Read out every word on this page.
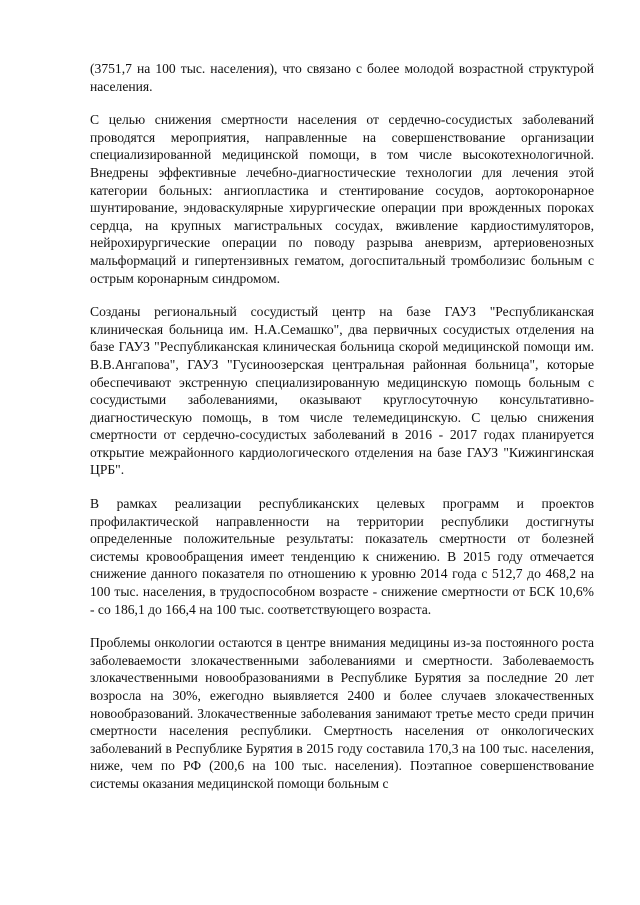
(3751,7 на 100 тыс. населения), что связано с более молодой возрастной структурой населения.

С целью снижения смертности населения от сердечно-сосудистых заболеваний проводятся мероприятия, направленные на совершенствование организации специализированной медицинской помощи, в том числе высокотехнологичной. Внедрены эффективные лечебно-диагностические технологии для лечения этой категории больных: ангиопластика и стентирование сосудов, аортокоронарное шунтирование, эндоваскулярные хирургические операции при врожденных пороках сердца, на крупных магистральных сосудах, вживление кардиостимуляторов, нейрохирургические операции по поводу разрыва аневризм, артериовенозных мальформаций и гипертензивных гематом, догоспитальный тромболизис больным с острым коронарным синдромом.

Созданы региональный сосудистый центр на базе ГАУЗ "Республиканская клиническая больница им. Н.А.Семашко", два первичных сосудистых отделения на базе ГАУЗ "Республиканская клиническая больница скорой медицинской помощи им. В.В.Ангапова", ГАУЗ "Гусиноозерская центральная районная больница", которые обеспечивают экстренную специализированную медицинскую помощь больным с сосудистыми заболеваниями, оказывают круглосуточную консультативно-диагностическую помощь, в том числе телемедицинскую. С целью снижения смертности от сердечно-сосудистых заболеваний в 2016 - 2017 годах планируется открытие межрайонного кардиологического отделения на базе ГАУЗ "Кижингинская ЦРБ".

В рамках реализации республиканских целевых программ и проектов профилактической направленности на территории республики достигнуты определенные положительные результаты: показатель смертности от болезней системы кровообращения имеет тенденцию к снижению. В 2015 году отмечается снижение данного показателя по отношению к уровню 2014 года с 512,7 до 468,2 на 100 тыс. населения, в трудоспособном возрасте - снижение смертности от БСК 10,6% - со 186,1 до 166,4 на 100 тыс. соответствующего возраста.

Проблемы онкологии остаются в центре внимания медицины из-за постоянного роста заболеваемости злокачественными заболеваниями и смертности. Заболеваемость злокачественными новообразованиями в Республике Бурятия за последние 20 лет возросла на 30%, ежегодно выявляется 2400 и более случаев злокачественных новообразований. Злокачественные заболевания занимают третье место среди причин смертности населения республики. Смертность населения от онкологических заболеваний в Республике Бурятия в 2015 году составила 170,3 на 100 тыс. населения, ниже, чем по РФ (200,6 на 100 тыс. населения). Поэтапное совершенствование системы оказания медицинской помощи больным с
